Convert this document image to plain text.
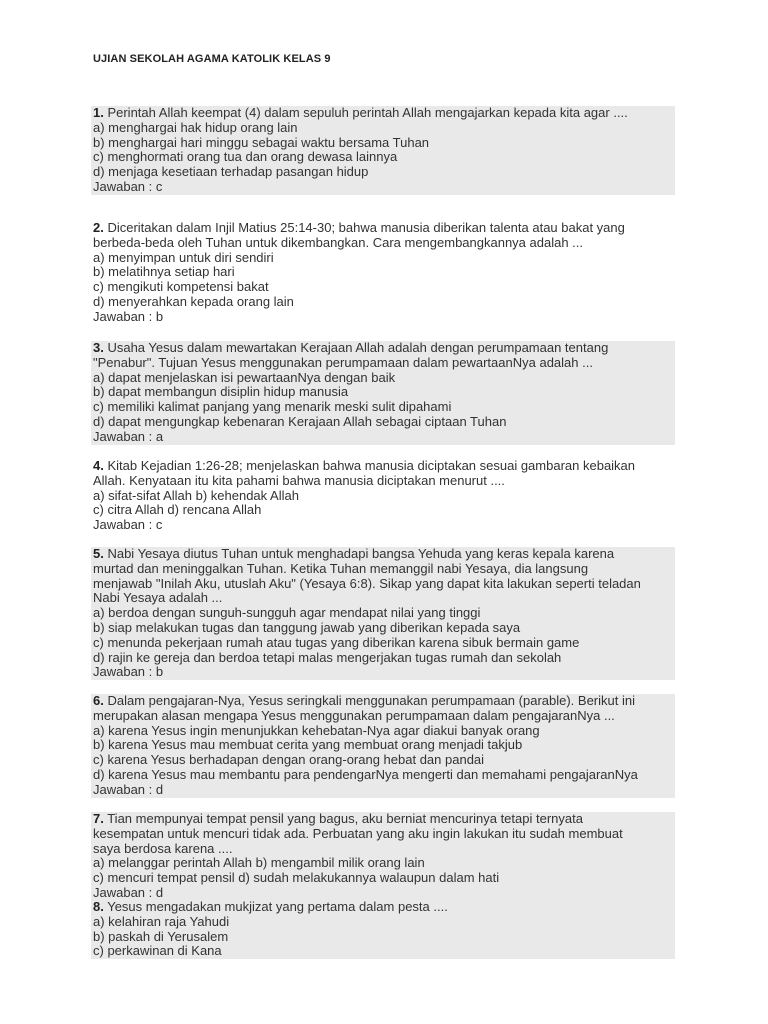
UJIAN SEKOLAH AGAMA KATOLIK KELAS 9
1. Perintah Allah keempat (4) dalam sepuluh perintah Allah mengajarkan kepada kita agar ....
a) menghargai hak hidup orang lain
b) menghargai hari minggu sebagai waktu bersama Tuhan
c) menghormati orang tua dan orang dewasa lainnya
d) menjaga kesetiaan terhadap pasangan hidup
Jawaban : c
2. Diceritakan dalam Injil Matius 25:14-30; bahwa manusia diberikan talenta atau bakat yang
berbeda-beda oleh Tuhan untuk dikembangkan. Cara mengembangkannya adalah ...
a) menyimpan untuk diri sendiri
b) melatihnya setiap hari
c) mengikuti kompetensi bakat
d) menyerahkan kepada orang lain
Jawaban : b
3. Usaha Yesus dalam mewartakan Kerajaan Allah adalah dengan perumpamaan tentang
"Penabur". Tujuan Yesus menggunakan perumpamaan dalam pewartaanNya adalah ...
a) dapat menjelaskan isi pewartaanNya dengan baik
b) dapat membangun disiplin hidup manusia
c) memiliki kalimat panjang yang menarik meski sulit dipahami
d) dapat mengungkap kebenaran Kerajaan Allah sebagai ciptaan Tuhan
Jawaban : a
4. Kitab Kejadian 1:26-28; menjelaskan bahwa manusia diciptakan sesuai gambaran kebaikan
Allah. Kenyataan itu kita pahami bahwa manusia diciptakan menurut ....
a) sifat-sifat Allah b) kehendak Allah
c) citra Allah d) rencana Allah
Jawaban : c
5. Nabi Yesaya diutus Tuhan untuk menghadapi bangsa Yehuda yang keras kepala karena
murtad dan meninggalkan Tuhan. Ketika Tuhan memanggil nabi Yesaya, dia langsung
menjawab "Inilah Aku, utuslah Aku" (Yesaya 6:8). Sikap yang dapat kita lakukan seperti teladan
Nabi Yesaya adalah ...
a) berdoa dengan sunguh-sungguh agar mendapat nilai yang tinggi
b) siap melakukan tugas dan tanggung jawab yang diberikan kepada saya
c) menunda pekerjaan rumah atau tugas yang diberikan karena sibuk bermain game
d) rajin ke gereja dan berdoa tetapi malas mengerjakan tugas rumah dan sekolah
Jawaban : b
6. Dalam pengajaran-Nya, Yesus seringkali menggunakan perumpamaan (parable). Berikut ini
merupakan alasan mengapa Yesus menggunakan perumpamaan dalam pengajaranNya ...
a) karena Yesus ingin menunjukkan kehebatan-Nya agar diakui banyak orang
b) karena Yesus mau membuat cerita yang membuat orang menjadi takjub
c) karena Yesus berhadapan dengan orang-orang hebat dan pandai
d) karena Yesus mau membantu para pendengarNya mengerti dan memahami pengajaranNya
Jawaban : d
7. Tian mempunyai tempat pensil yang bagus, aku berniat mencurinya tetapi ternyata
kesempatan untuk mencuri tidak ada. Perbuatan yang aku ingin lakukan itu sudah membuat
saya berdosa karena ....
a) melanggar perintah Allah b) mengambil milik orang lain
c) mencuri tempat pensil d) sudah melakukannya walaupun dalam hati
Jawaban : d
8. Yesus mengadakan mukjizat yang pertama dalam pesta ....
a) kelahiran raja Yahudi
b) paskah di Yerusalem
c) perkawinan di Kana
